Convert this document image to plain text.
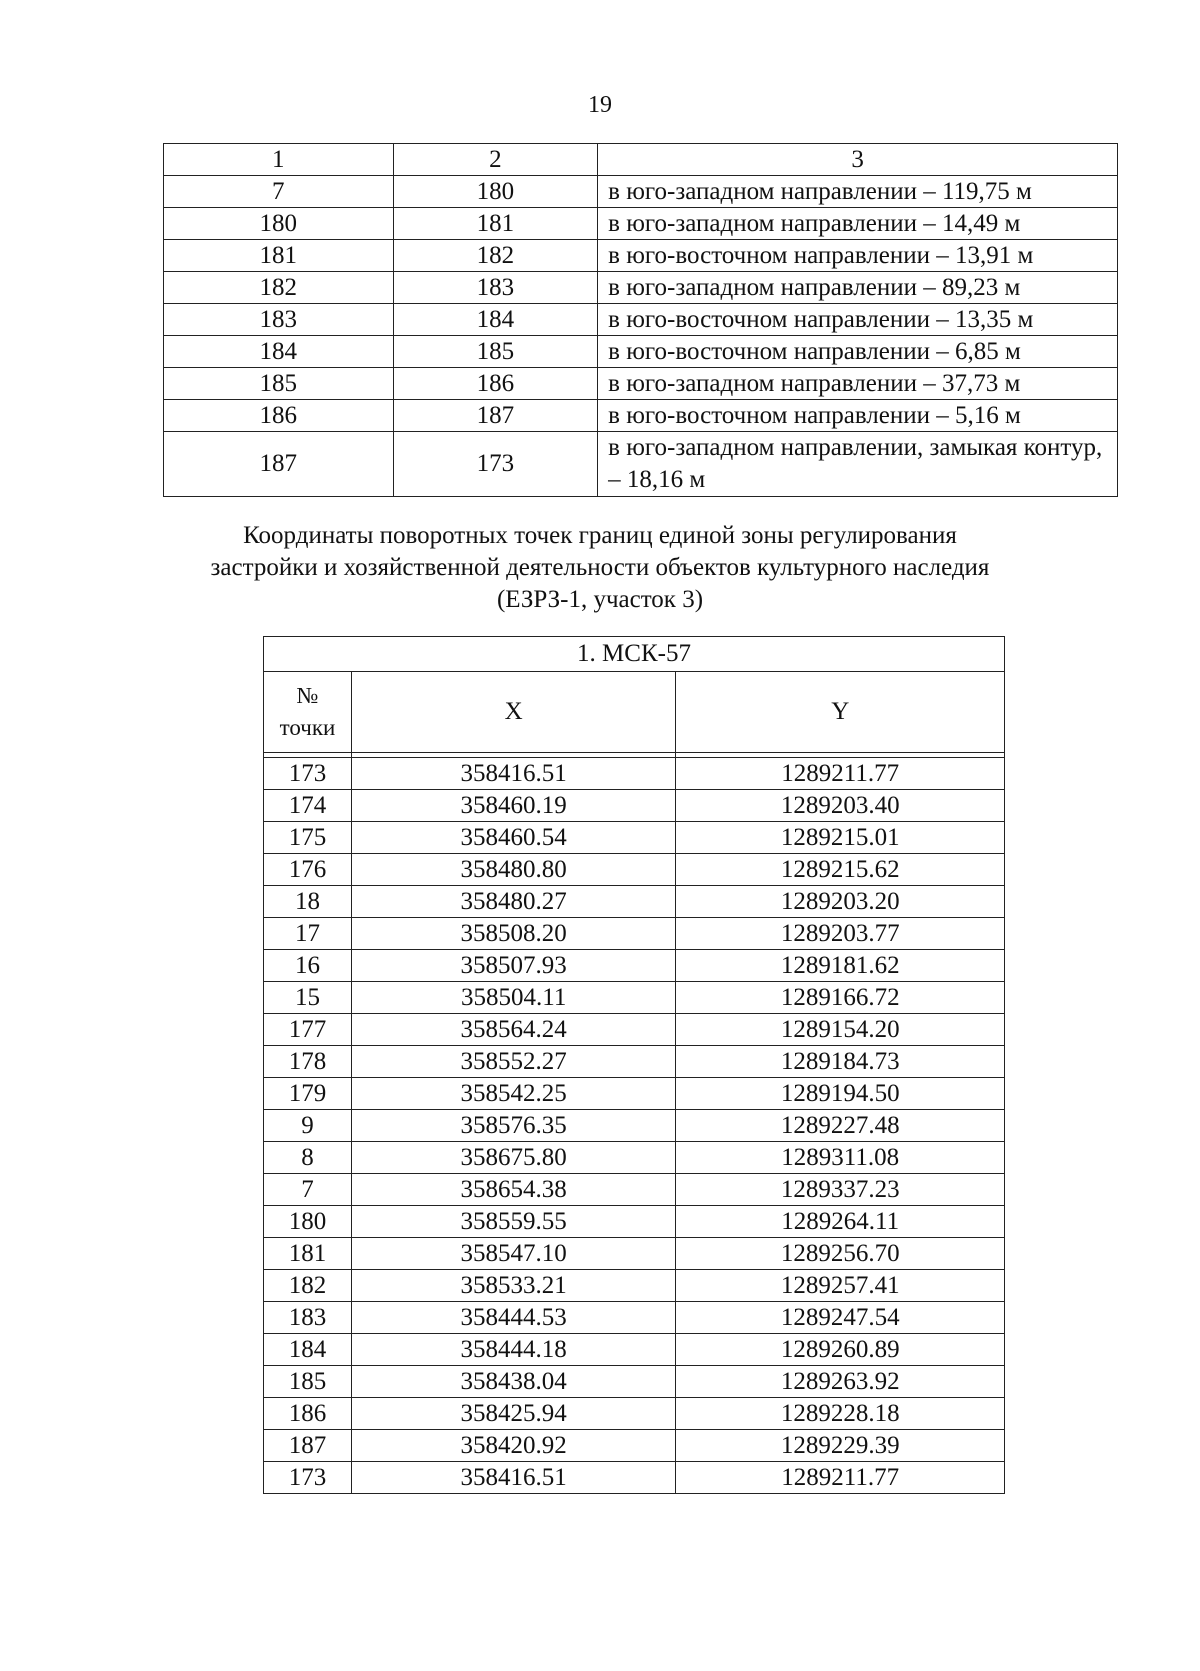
19
1	2	3
7	180	в юго-западном направлении – 119,75 м
180	181	в юго-западном направлении – 14,49 м
181	182	в юго-восточном направлении – 13,91 м
182	183	в юго-западном направлении – 89,23 м
183	184	в юго-восточном направлении – 13,35 м
184	185	в юго-восточном направлении – 6,85 м
185	186	в юго-западном направлении – 37,73 м
186	187	в юго-восточном направлении – 5,16 м
187	173	в юго-западном направлении, замыкая контур, – 18,16 м
Координаты поворотных точек границ единой зоны регулирования
застройки и хозяйственной деятельности объектов культурного наследия
(ЕЗРЗ-1, участок 3)
1. МСК-57		

№
точки	X	Y

173	358416.51	1289211.77
174	358460.19	1289203.40
175	358460.54	1289215.01
176	358480.80	1289215.62
18	358480.27	1289203.20
17	358508.20	1289203.77
16	358507.93	1289181.62
15	358504.11	1289166.72
177	358564.24	1289154.20
178	358552.27	1289184.73
179	358542.25	1289194.50
9	358576.35	1289227.48
8	358675.80	1289311.08
7	358654.38	1289337.23
180	358559.55	1289264.11
181	358547.10	1289256.70
182	358533.21	1289257.41
183	358444.53	1289247.54
184	358444.18	1289260.89
185	358438.04	1289263.92
186	358425.94	1289228.18
187	358420.92	1289229.39
173	358416.51	1289211.77
